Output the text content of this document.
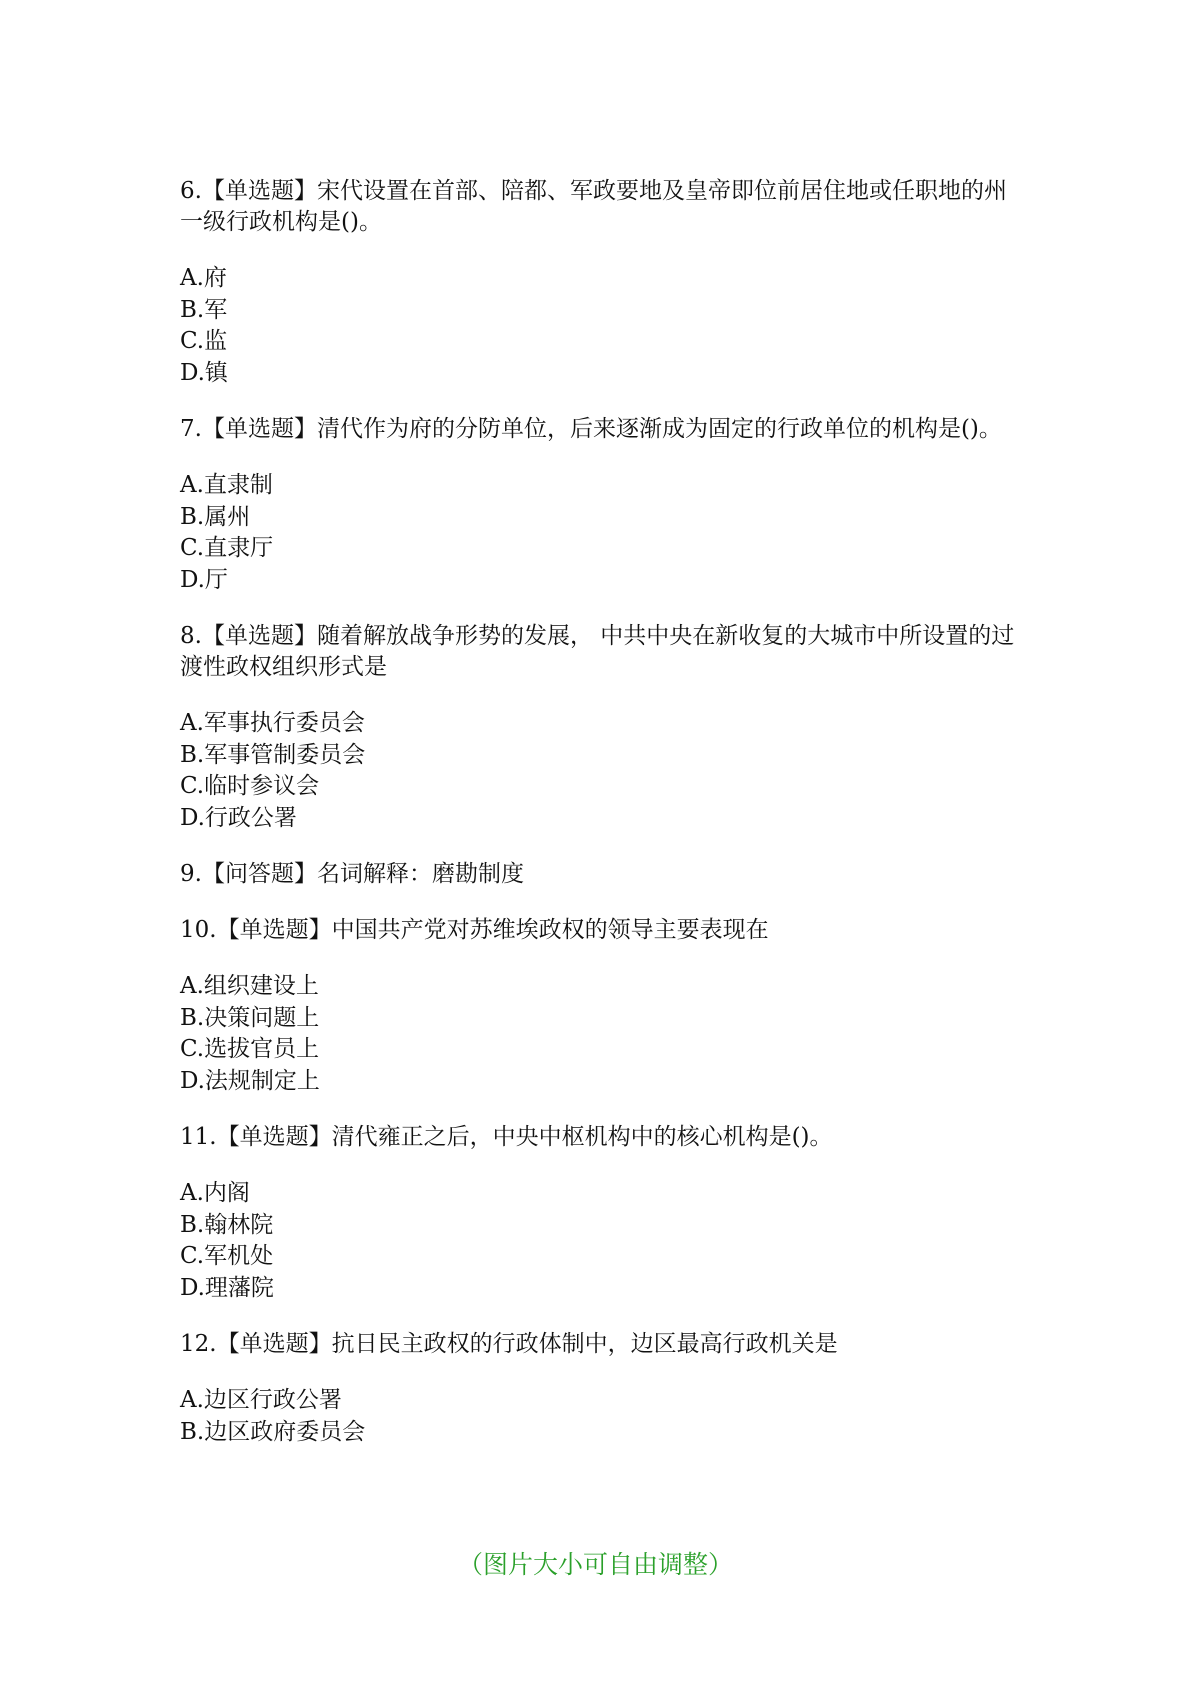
6.【单选题】宋代设置在首部、陪都、军政要地及皇帝即位前居住地或任职地的州一级行政机构是()。

A.府
B.军
C.监
D.镇

7.【单选题】清代作为府的分防单位，后来逐渐成为固定的行政单位的机构是()。

A.直隶制
B.属州
C.直隶厅
D.厅

8.【单选题】随着解放战争形势的发展， 中共中央在新收复的大城市中所设置的过渡性政权组织形式是

A.军事执行委员会
B.军事管制委员会
C.临时参议会
D.行政公署

9.【问答题】名词解释：磨勘制度

10.【单选题】中国共产党对苏维埃政权的领导主要表现在

A.组织建设上
B.决策问题上
C.选拔官员上
D.法规制定上

11.【单选题】清代雍正之后，中央中枢机构中的核心机构是()。

A.内阁
B.翰林院
C.军机处
D.理藩院

12.【单选题】抗日民主政权的行政体制中，边区最高行政机关是

A.边区行政公署
B.边区政府委员会
（图片大小可自由调整）
